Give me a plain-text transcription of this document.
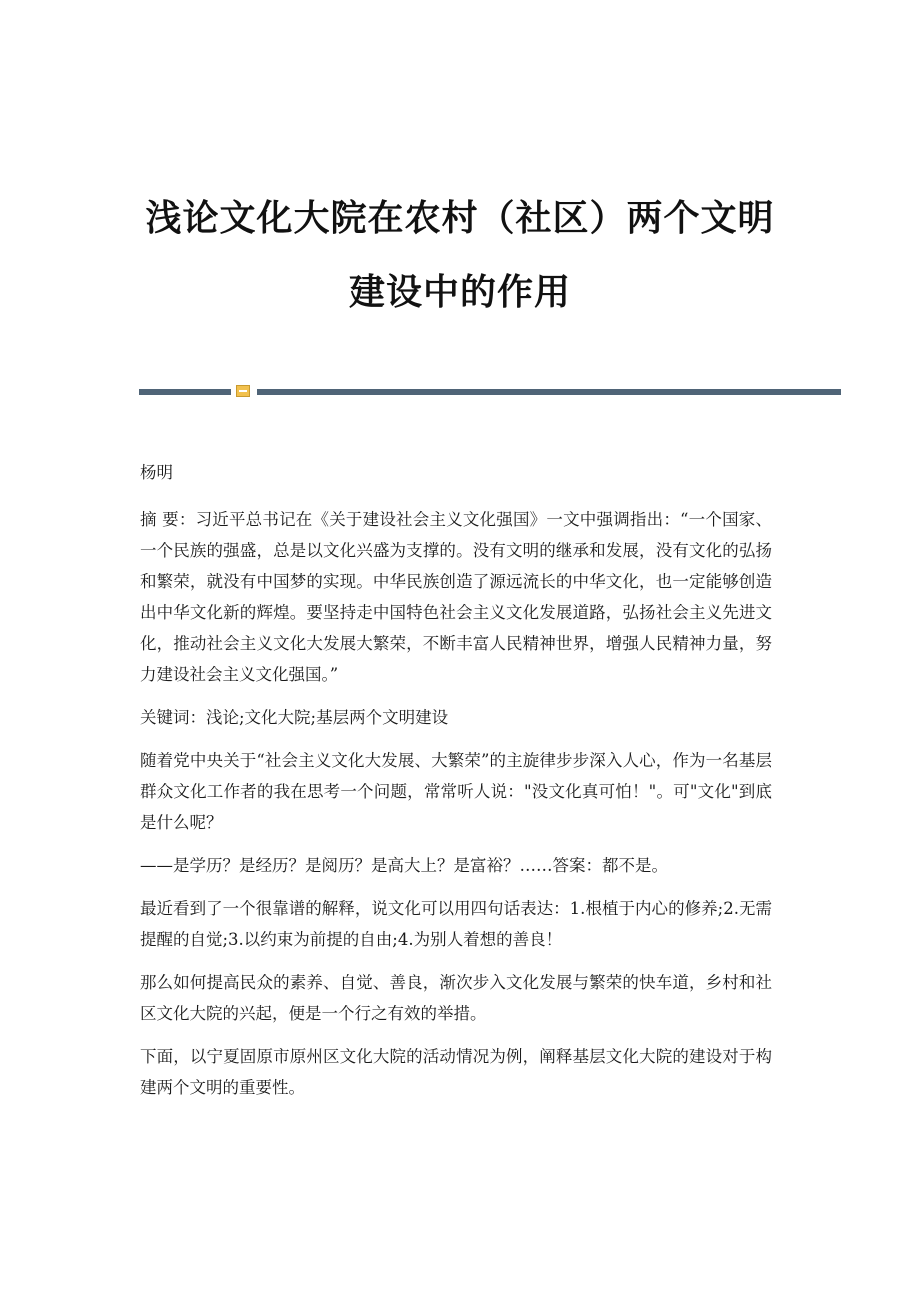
浅论文化大院在农村（社区）两个文明
建设中的作用

杨明

摘 要：习近平总书记在《关于建设社会主义文化强国》一文中强调指出：“一个国家、一个民族的强盛，总是以文化兴盛为支撑的。没有文明的继承和发展，没有文化的弘扬和繁荣，就没有中国梦的实现。中华民族创造了源远流长的中华文化，也一定能够创造出中华文化新的辉煌。要坚持走中国特色社会主义文化发展道路，弘扬社会主义先进文化，推动社会主义文化大发展大繁荣，不断丰富人民精神世界，增强人民精神力量，努力建设社会主义文化强国。”

关键词：浅论;文化大院;基层两个文明建设

随着党中央关于“社会主义文化大发展、大繁荣”的主旋律步步深入人心，作为一名基层群众文化工作者的我在思考一个问题，常常听人说："没文化真可怕！"。可"文化"到底是什么呢？

——是学历？是经历？是阅历？是高大上？是富裕？……答案：都不是。

最近看到了一个很靠谱的解释，说文化可以用四句话表达：1.根植于内心的修养;2.无需提醒的自觉;3.以约束为前提的自由;4.为别人着想的善良！

那么如何提高民众的素养、自觉、善良，渐次步入文化发展与繁荣的快车道，乡村和社区文化大院的兴起，便是一个行之有效的举措。

下面，以宁夏固原市原州区文化大院的活动情况为例，阐释基层文化大院的建设对于构建两个文明的重要性。
